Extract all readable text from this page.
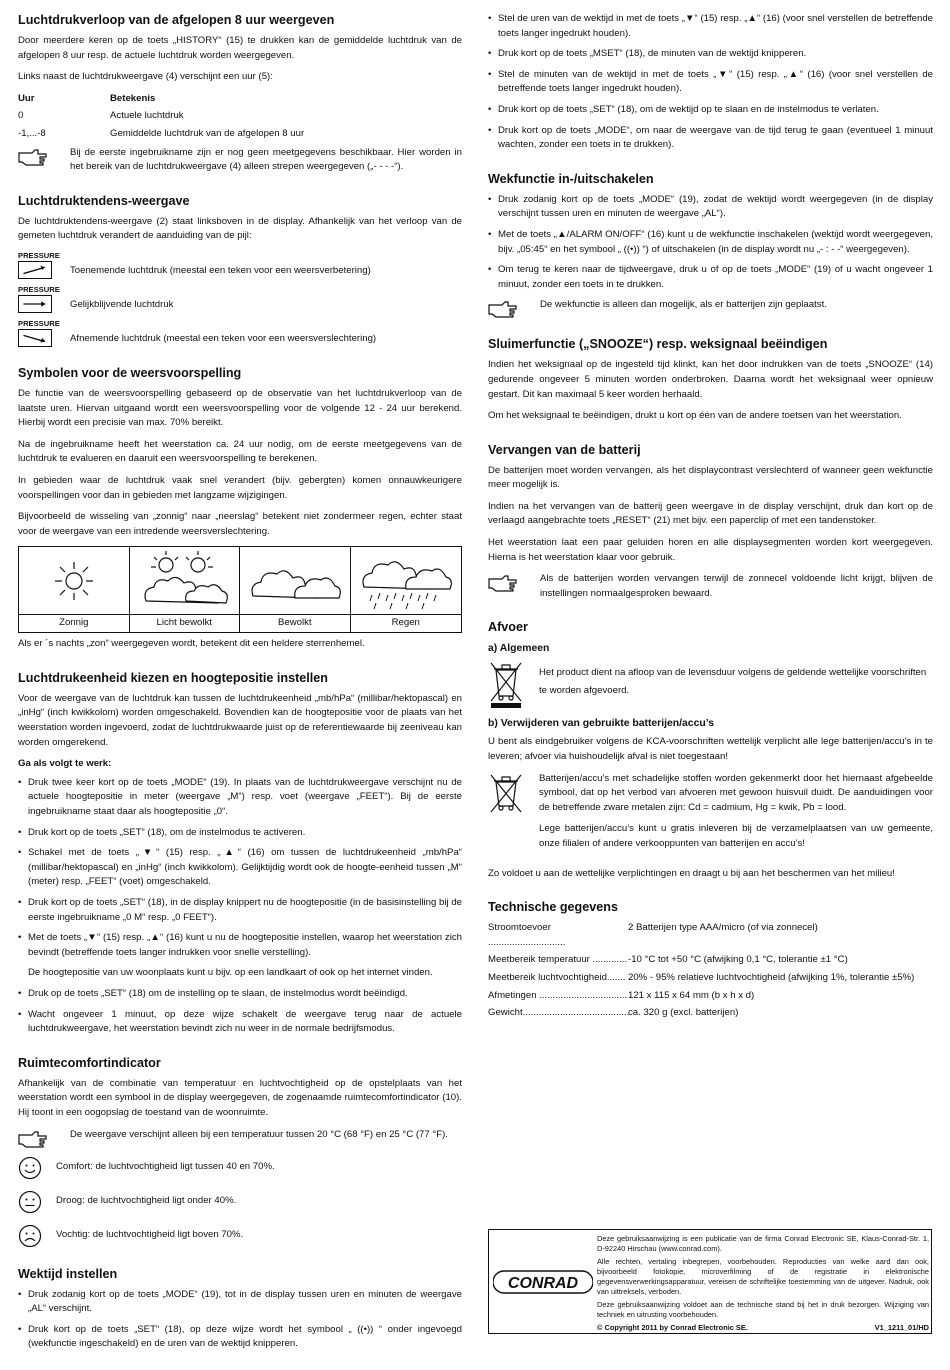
Luchtdrukverloop van de afgelopen 8 uur weergeven

Door meerdere keren op de toets „HISTORY“ (15) te drukken kan de gemiddelde luchtdruk van de afgelopen 8 uur resp. de actuele luchtdruk worden weergegeven.

Links naast de luchtdrukweergave (4) verschijnt een uur (5):

Uur	Betekenis
0	Actuele luchtdruk
-1,...-8	Gemiddelde luchtdruk van de afgelopen 8 uur
Bij de eerste ingebruikname zijn er nog geen meetgegevens beschikbaar. Hier worden in het bereik van de luchtdrukweergave (4) alleen strepen weergegeven („- - - -“).
Luchtdruktendens-weergave

De luchtdruktendens-weergave (2) staat linksboven in de display. Afhankelijk van het verloop van de gemeten luchtdruk verandert de aanduiding van de pijl:

PRESSURE
Toenemende luchtdruk (meestal een teken voor een weersverbetering)
PRESSURE
Gelijkblijvende luchtdruk
PRESSURE
Afnemende luchtdruk (meestal een teken voor een weersverslechtering)
Symbolen voor de weersvoorspelling

De functie van de weersvoorspelling gebaseerd op de observatie van het luchtdrukverloop van de laatste uren. Hiervan uitgaand wordt een weersvoorspelling voor de volgende 12 - 24 uur berekend. Hierbij wordt een precisie van max. 70% bereikt.

Na de ingebruikname heeft het weerstation ca. 24 uur nodig, om de eerste meetgegevens van de luchtdruk te evalueren en daaruit een weersvoorspelling te berekenen.

In gebieden waar de luchtdruk vaak snel verandert (bijv. gebergten) komen onnauwkeurigere voorspellingen voor dan in gebieden met langzame wijzigingen.

Bijvoorbeeld de wisseling van „zonnig“ naar „neerslag“ betekent niet zondermeer regen, echter staat voor de weergave van een intredende weersverslechtering.

Zonnig	Licht bewolkt	Bewolkt	Regen

Als er ´s nachts „zon“ weergegeven wordt, betekent dit een heldere sterrenhemel.

Luchtdrukeenheid kiezen en hoogtepositie instellen

Voor de weergave van de luchtdruk kan tussen de luchtdrukeenheid „mb/hPa“ (millibar/hektopascal) en „inHg“ (inch kwikkolom) worden omgeschakeld. Bovendien kan de hoogtepositie voor de plaats van het weerstation worden ingevoerd, zodat de luchtdrukwaarde juist op de referentiewaarde bij zeeniveau kan worden omgerekend.

Ga als volgt te werk:

• Druk twee keer kort op de toets „MODE“ (19). In plaats van de luchtdrukweergave verschijnt nu de actuele hoogtepositie in meter (weergave „M“) resp. voet (weergave „FEET“). Bij de eerste ingebruikname staat daar als hoogtepositie „0“.
• Druk kort op de toets „SET“ (18), om de instelmodus te activeren.
• Schakel met de toets „▼“ (15) resp. „▲“ (16) om tussen de luchtdrukeenheid „mb/hPa“ (millibar/hektopascal) en „inHg“ (inch kwikkolom). Gelijktijdig wordt ook de hoogte-eenheid tussen „M“ (meter) resp. „FEET“ (voet) omgeschakeld.
• Druk kort op de toets „SET“ (18), in de display knippert nu de hoogtepositie (in de basisinstelling bij de eerste ingebruikname „0 M“ resp. „0 FEET“).
• Met de toets „▼“ (15) resp. „▲“ (16) kunt u nu de hoogtepositie instellen, waarop het weerstation zich bevindt (betreffende toets langer indrukken voor snelle verstelling).

De hoogtepositie van uw woonplaats kunt u bijv. op een landkaart of ook op het internet vinden.

• Druk op de toets „SET“ (18) om de instelling op te slaan, de instelmodus wordt beëindigd.
• Wacht ongeveer 1 minuut, op deze wijze schakelt de weergave terug naar de actuele luchtdrukweergave, het weerstation bevindt zich nu weer in de normale bedrijfsmodus.
Ruimtecomfortindicator

Afhankelijk van de combinatie van temperatuur en luchtvochtigheid op de opstelplaats van het weerstation wordt een symbool in de display weergegeven, de zogenaamde ruimtecomfortindicator (10). Hij toont in een oogopslag de toestand van de woonruimte.

De weergave verschijnt alleen bij een temperatuur tussen 20 °C (68 °F) en 25 °C (77 °F).
Comfort: de luchtvochtigheid ligt tussen 40 en 70%.
Droog: de luchtvochtigheid ligt onder 40%.
Vochtig: de luchtvochtigheid ligt boven 70%.
Wektijd instellen
• Druk zodanig kort op de toets „MODE“ (19), tot in de display tussen uren en minuten de weergave „AL“ verschijnt.
• Druk kort op de toets „SET“ (18), op deze wijze wordt het symbool „ ((•)) “ onder ingevoegd (wekfunctie ingeschakeld) en de uren van de wektijd knipperen.
• Stel de uren van de wektijd in met de toets „▼“ (15) resp. „▲“ (16) (voor snel verstellen de betreffende toets langer ingedrukt houden).
• Druk kort op de toets „MSET“ (18), de minuten van de wektijd knipperen.
• Stel de minuten van de wektijd in met de toets „▼“ (15) resp. „▲“ (16) (voor snel verstellen de betreffende toets langer ingedrukt houden).
• Druk kort op de toets „SET“ (18), om de wektijd op te slaan en de instelmodus te verlaten.
• Druk kort op de toets „MODE“, om naar de weergave van de tijd terug te gaan (eventueel 1 minuut wachten, zonder een toets in te drukken).
Wekfunctie in-/uitschakelen
• Druk zodanig kort op de toets „MODE“ (19), zodat de wektijd wordt weergegeven (in de display verschijnt tussen uren en minuten de weergave „AL“).
• Met de toets „▲/ALARM ON/OFF“ (16) kunt u de wekfunctie inschakelen (wektijd wordt weergegeven, bijv. „05:45“ en het symbool „ ((•)) “) of uitschakelen (in de display wordt nu „- : - -“ weergegeven).
• Om terug te keren naar de tijdweergave, druk u of op de toets „MODE“ (19) of u wacht ongeveer 1 minuut, zonder een toets in te drukken.
De wekfunctie is alleen dan mogelijk, als er batterijen zijn geplaatst.
Sluimerfunctie („SNOOZE“) resp. weksignaal beëindigen

Indien het weksignaal op de ingesteld tijd klinkt, kan het door indrukken van de toets „SNOOZE“ (14) gedurende ongeveer 5 minuten worden onderbroken. Daarna wordt het weksignaal weer opnieuw gestart. Dit kan maximaal 5 keer worden herhaald.

Om het weksignaal te beëindigen, drukt u kort op één van de andere toetsen van het weerstation.

Vervangen van de batterij

De batterijen moet worden vervangen, als het displaycontrast verslechterd of wanneer geen wekfunctie meer mogelijk is.

Indien na het vervangen van de batterij geen weergave in de display verschijnt, druk dan kort op de verlaagd aangebrachte toets „RESET“ (21) met bijv. een paperclip of met een tandenstoker.

Het weerstation laat een paar geluiden horen en alle displaysegmenten worden kort weergegeven. Hierna is het weerstation klaar voor gebruik.

Als de batterijen worden vervangen terwijl de zonnecel voldoende licht krijgt, blijven de instellingen normaalgesproken bewaard.
Afvoer
a) Algemeen
Het product dient na afloop van de levensduur volgens de geldende wettelijke voorschriften te worden afgevoerd.
b) Verwijderen van gebruikte batterijen/accu’s

U bent als eindgebruiker volgens de KCA-voorschriften wettelijk verplicht alle lege batterijen/accu’s in te leveren; afvoer via huishoudelijk afval is niet toegestaan!

Batterijen/accu’s met schadelijke stoffen worden gekenmerkt door het hiernaast afgebeelde symbool, dat op het verbod van afvoeren met gewoon huisvuil duidt. De aanduidingen voor de betreffende zware metalen zijn: Cd = cadmium, Hg = kwik, Pb = lood.

Lege batterijen/accu’s kunt u gratis inleveren bij de verzamelplaatsen van uw gemeente, onze filialen of andere verkooppunten van batterijen en accu’s!

Zo voldoet u aan de wettelijke verplichtingen en draagt u bij aan het beschermen van het milieu!

Technische gegevens
Stroomtoevoer .............................
2 Batterijen type AAA/micro (of via zonnecel)
Meetbereik temperatuur ............. -10 °C tot +50 °C (afwijking 0,1 °C, tolerantie ±1 °C)
Meetbereik luchtvochtigheid....... 20% - 95% relatieve luchtvochtigheid (afwijking 1%, tolerantie ±5%)
Afmetingen ................................. 121 x 115 x 64 mm (b x h x d)
Gewicht........................................
ca. 320 g (excl. batterijen)
CONRAD

Deze gebruiksaanwijzing is een publicatie van de firma Conrad Electronic SE, Klaus-Conrad-Str. 1, D-92240 Hirschau (www.conrad.com).

Alle rechten, vertaling inbegrepen, voorbehouden. Reproducties van welke aard dan ook, bijvoorbeeld fotokopie, microverfilming of de registratie in elektronische gegevensverwerkingsapparatuur, vereisen de schriftelijke toestemming van de uitgever. Nadruk, ook van uittreksels, verboden.

Deze gebruiksaanwijzing voldoet aan de technische stand bij het in druk bezorgen. Wijziging van techniek en uitrusting voorbehouden.

© Copyright 2011 by Conrad Electronic SE.	V1_1211_01/HD
